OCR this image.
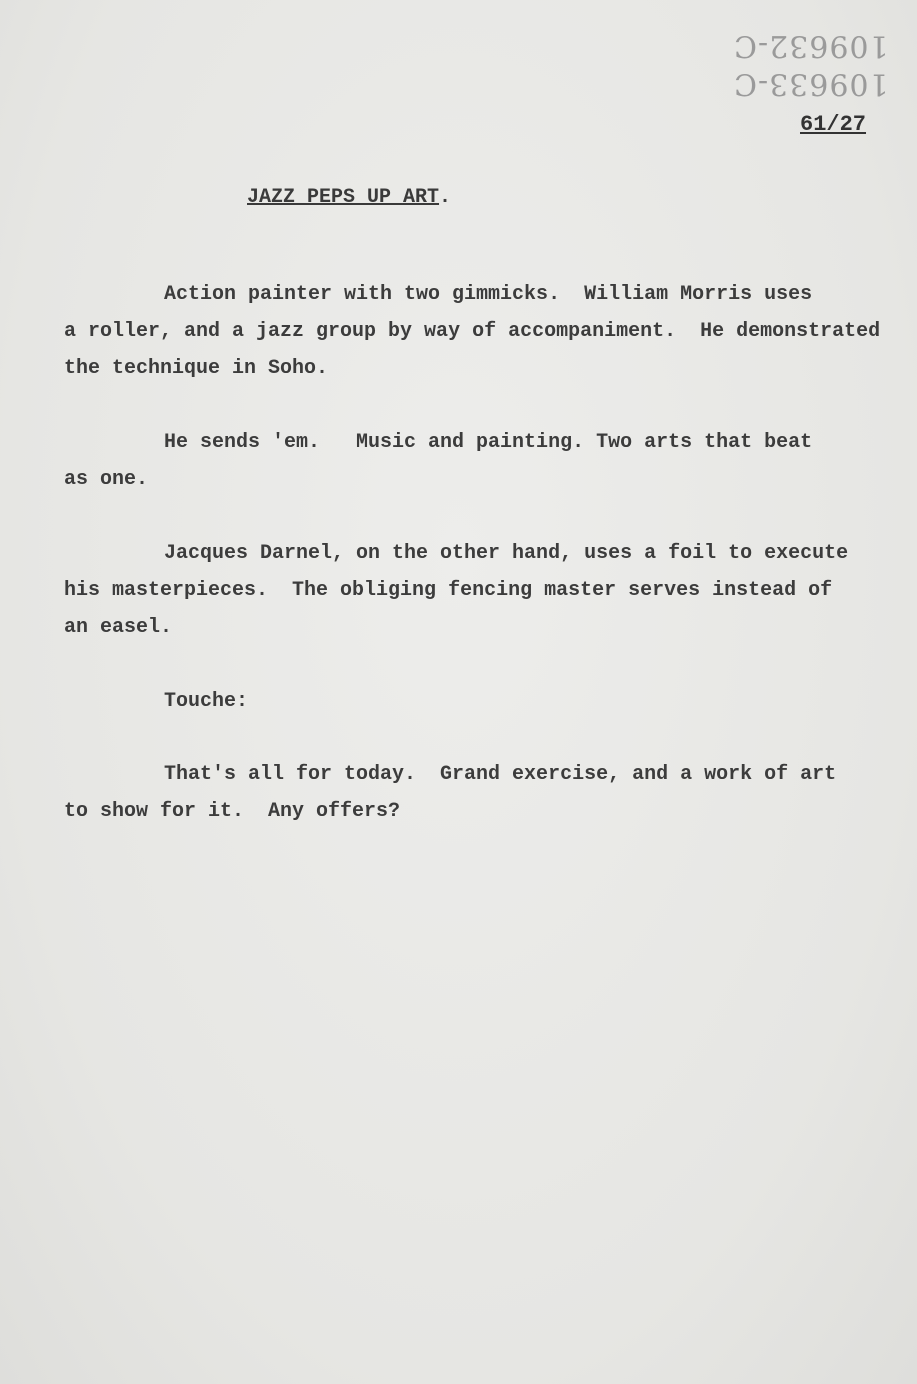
109632-C
109633-C
61/27
JAZZ PEPS UP ART.
Action painter with two gimmicks.  William Morris uses
a roller, and a jazz group by way of accompaniment.  He demonstrated
the technique in Soho.
He sends 'em.   Music and painting. Two arts that beat
as one.
Jacques Darnel, on the other hand, uses a foil to execute
his masterpieces.  The obliging fencing master serves instead of
an easel.
Touche:
That's all for today.  Grand exercise, and a work of art
to show for it.  Any offers?
